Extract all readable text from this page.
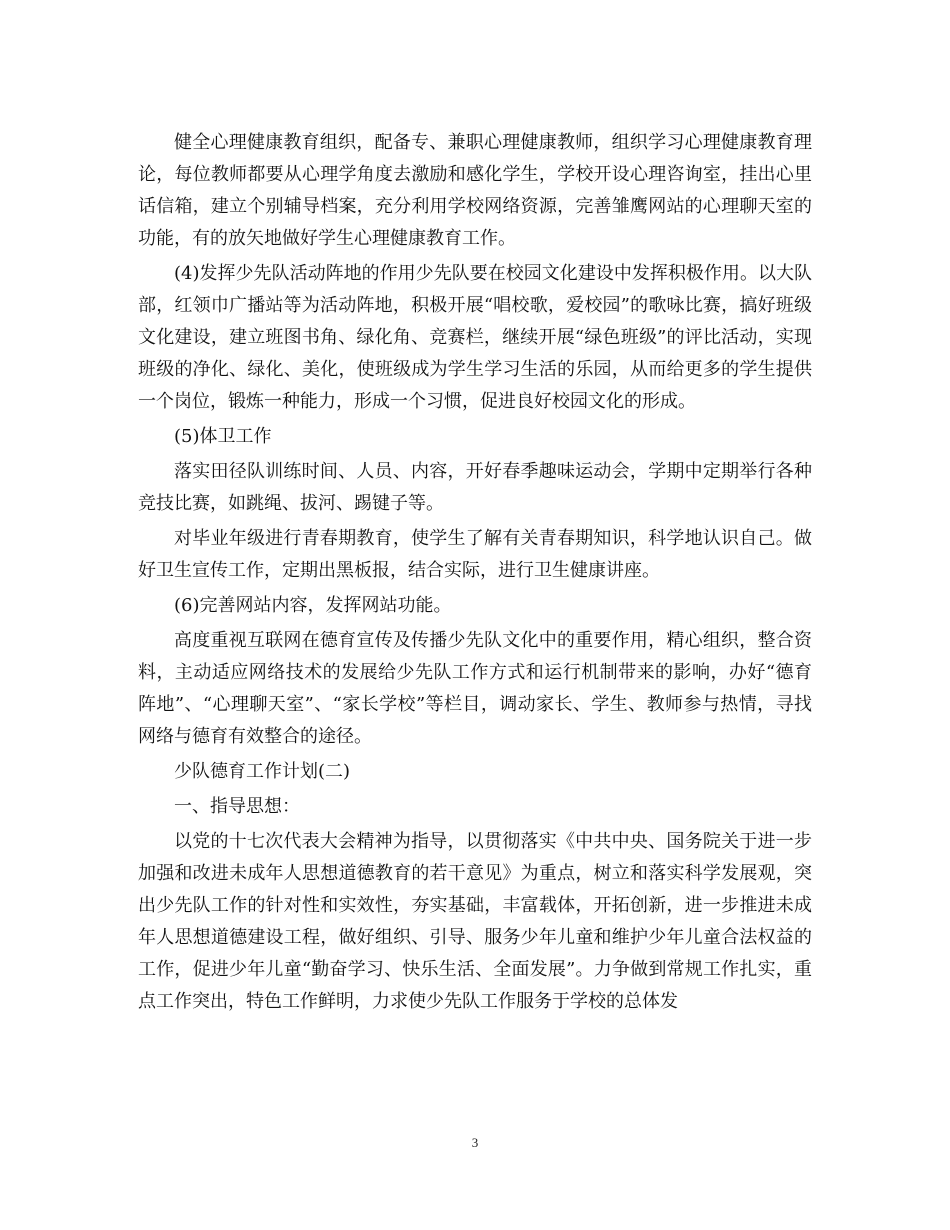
健全心理健康教育组织，配备专、兼职心理健康教师，组织学习心理健康教育理论，每位教师都要从心理学角度去激励和感化学生，学校开设心理咨询室，挂出心里话信箱，建立个别辅导档案，充分利用学校网络资源，完善雏鹰网站的心理聊天室的功能，有的放矢地做好学生心理健康教育工作。

(4)发挥少先队活动阵地的作用少先队要在校园文化建设中发挥积极作用。以大队部，红领巾广播站等为活动阵地，积极开展“唱校歌，爱校园”的歌咏比赛，搞好班级文化建设，建立班图书角、绿化角、竞赛栏，继续开展“绿色班级”的评比活动，实现班级的净化、绿化、美化，使班级成为学生学习生活的乐园，从而给更多的学生提供一个岗位，锻炼一种能力，形成一个习惯，促进良好校园文化的形成。

(5)体卫工作

落实田径队训练时间、人员、内容，开好春季趣味运动会，学期中定期举行各种竞技比赛，如跳绳、拔河、踢键子等。

对毕业年级进行青春期教育，使学生了解有关青春期知识，科学地认识自己。做好卫生宣传工作，定期出黑板报，结合实际，进行卫生健康讲座。

(6)完善网站内容，发挥网站功能。

高度重视互联网在德育宣传及传播少先队文化中的重要作用，精心组织，整合资料，主动适应网络技术的发展给少先队工作方式和运行机制带来的影响，办好“德育阵地”、“心理聊天室”、“家长学校”等栏目，调动家长、学生、教师参与热情，寻找网络与德育有效整合的途径。

少队德育工作计划(二)

一、指导思想：

以党的十七次代表大会精神为指导，以贯彻落实《中共中央、国务院关于进一步加强和改进未成年人思想道德教育的若干意见》为重点，树立和落实科学发展观，突出少先队工作的针对性和实效性，夯实基础，丰富载体，开拓创新，进一步推进未成年人思想道德建设工程，做好组织、引导、服务少年儿童和维护少年儿童合法权益的工作，促进少年儿童“勤奋学习、快乐生活、全面发展”。力争做到常规工作扎实，重点工作突出，特色工作鲜明，力求使少先队工作服务于学校的总体发

3
